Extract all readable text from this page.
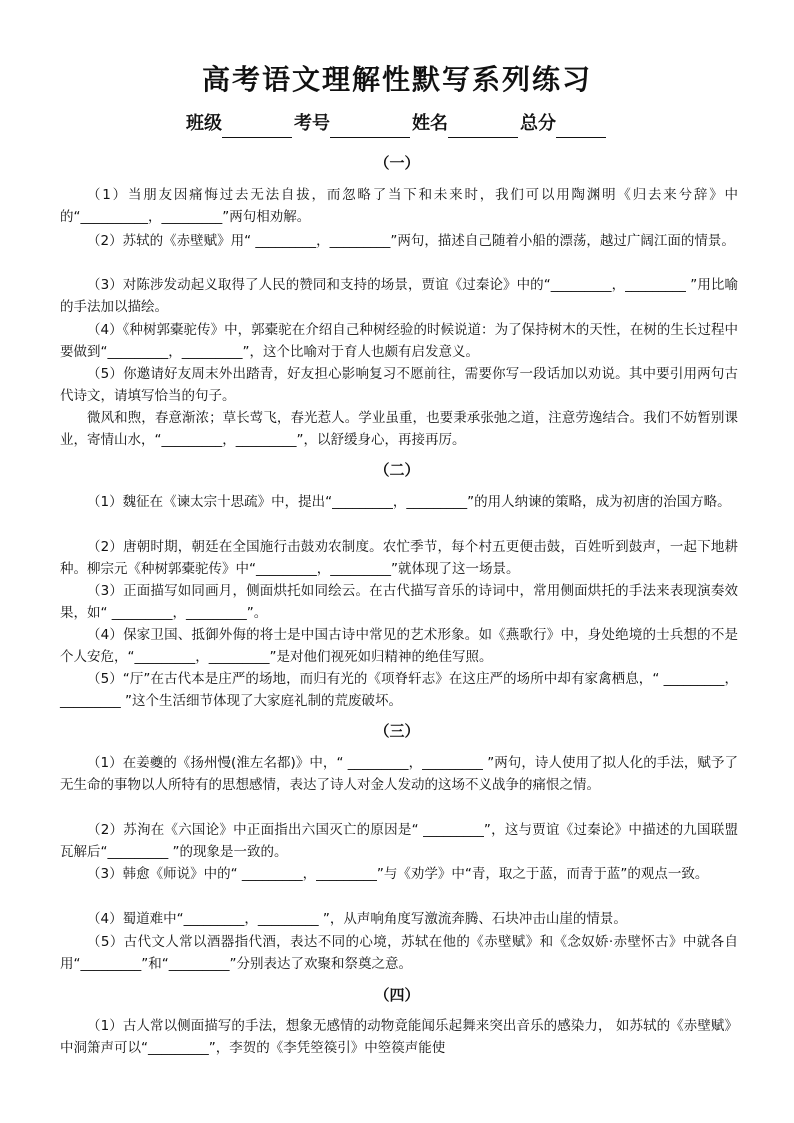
高考语文理解性默写系列练习
班级	考号	姓名	总分
（一）

（1）当朋友因痛悔过去无法自拔，而忽略了当下和未来时，我们可以用陶渊明《归去来兮辞》中的“__________，_________”两句相劝解。

（2）苏轼的《赤壁赋》用“ _________，_________”两句，描述自己随着小船的漂荡，越过广阔江面的情景。

（3）对陈涉发动起义取得了人民的赞同和支持的场景，贾谊《过秦论》中的“_________，_________ ”用比喻的手法加以描绘。

（4）《种树郭橐驼传》中，郭橐驼在介绍自己种树经验的时候说道：为了保持树木的天性，在树的生长过程中要做到“_________，_________”，这个比喻对于育人也颇有启发意义。

（5）你邀请好友周末外出踏青，好友担心影响复习不愿前往，需要你写一段话加以劝说。其中要引用两句古代诗文，请填写恰当的句子。

微风和煦，春意渐浓；草长莺飞，春光惹人。学业虽重，也要秉承张弛之道，注意劳逸结合。我们不妨暂别课业，寄情山水，“_________，_________”，以舒缓身心，再接再厉。

（二）

（1）魏征在《谏太宗十思疏》中，提出“_________，_________”的用人纳谏的策略，成为初唐的治国方略。

（2）唐朝时期，朝廷在全国施行击鼓劝农制度。农忙季节，每个村五更便击鼓，百姓听到鼓声，一起下地耕种。柳宗元《种树郭橐驼传》中“_________，_________”就体现了这一场景。

（3）正面描写如同画月，侧面烘托如同绘云。在古代描写音乐的诗词中，常用侧面烘托的手法来表现演奏效果，如“ _________，_________”。

（4）保家卫国、抵御外侮的将士是中国古诗中常见的艺术形象。如《燕歌行》中，身处绝境的士兵想的不是个人安危，“_________，_________”是对他们视死如归精神的绝佳写照。

（5）“厅”在古代本是庄严的场地，而归有光的《项脊轩志》在这庄严的场所中却有家禽栖息，“ _________，_________ ”这个生活细节体现了大家庭礼制的荒废破坏。

（三）

（1）在姜夔的《扬州慢(淮左名都)》中，“ _________，_________ ”两句，诗人使用了拟人化的手法，赋予了无生命的事物以人所特有的思想感情，表达了诗人对金人发动的这场不义战争的痛恨之情。

（2）苏洵在《六国论》中正面指出六国灭亡的原因是“ _________”，这与贾谊《过秦论》中描述的九国联盟瓦解后“_________ ”的现象是一致的。

（3）韩愈《师说》中的“ _________，_________”与《劝学》中“青，取之于蓝，而青于蓝”的观点一致。

（4）蜀道难中“_________，_________ ”，从声响角度写激流奔腾、石块冲击山崖的情景。

（5）古代文人常以酒器指代酒，表达不同的心境，苏轼在他的《赤壁赋》和《念奴娇·赤壁怀古》中就各自用“_________”和“_________”分别表达了欢聚和祭奠之意。

（四）

（1）古人常以侧面描写的手法，想象无感情的动物竟能闻乐起舞来突出音乐的感染力， 如苏轼的《赤壁赋》中洞箫声可以“_________”，李贺的《李凭箜篌引》中箜篌声能使
